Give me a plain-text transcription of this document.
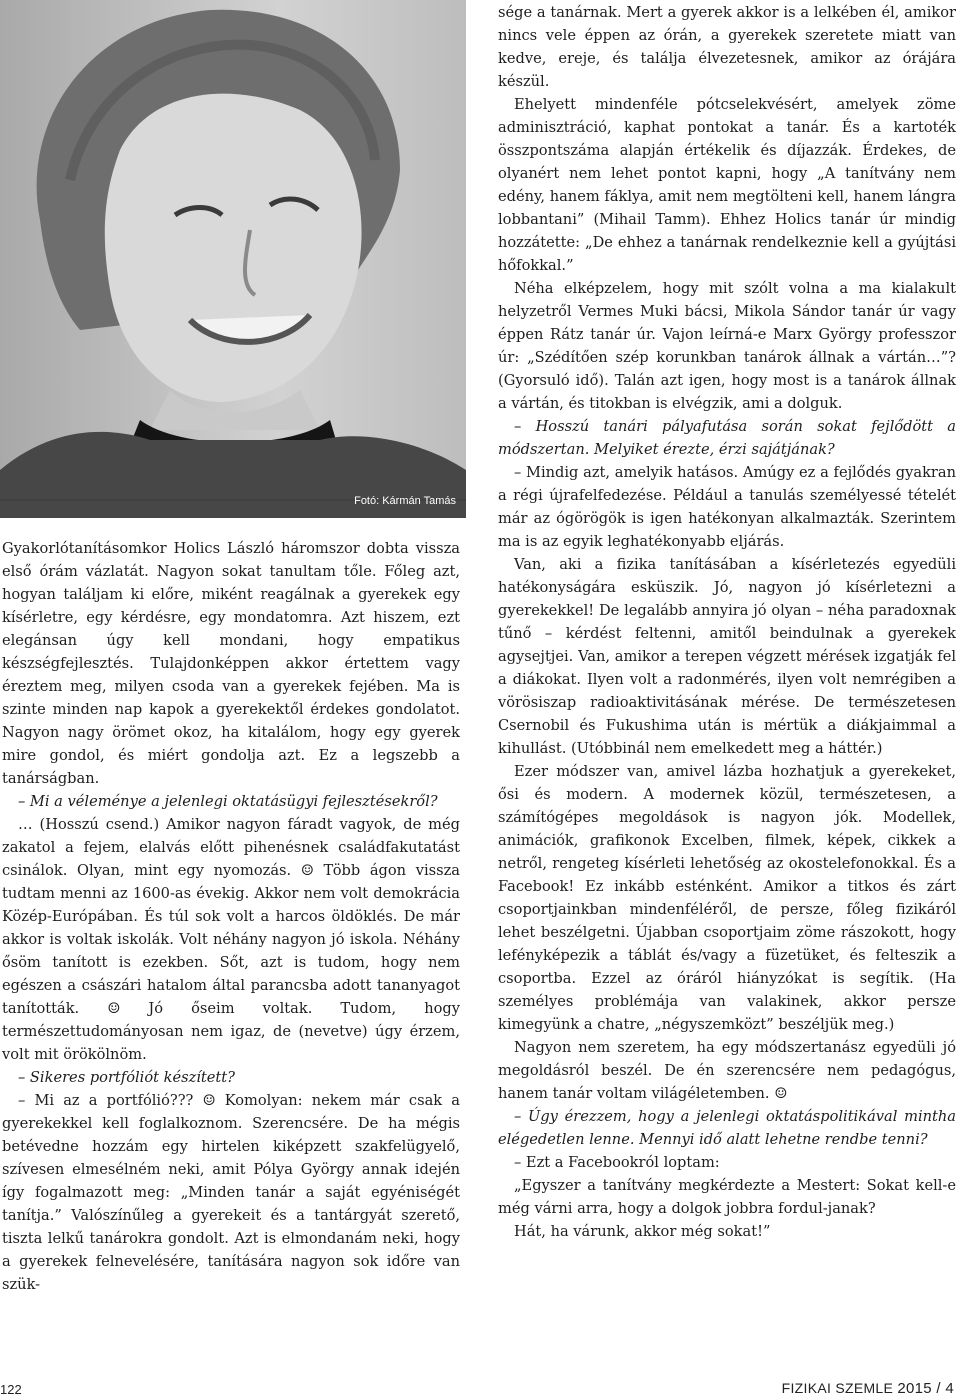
Fotó: Kármán Tamás

Gyakorlótanításomkor Holics László háromszor dobta vissza első órám vázlatát. Nagyon sokat tanultam tőle. Főleg azt, hogyan találjam ki előre, miként reagálnak a gyerekek egy kísérletre, egy kérdésre, egy mondatomra. Azt hiszem, ezt elegánsan úgy kell mondani, hogy empatikus készségfejlesztés. Tulajdonképpen akkor értettem vagy éreztem meg, milyen csoda van a gyerekek fejében. Ma is szinte minden nap kapok a gyerekektől érdekes gondolatot. Nagyon nagy örömet okoz, ha kitalálom, hogy egy gyerek mire gondol, és miért gondolja azt. Ez a legszebb a tanárságban.

– Mi a véleménye a jelenlegi oktatásügyi fejlesztésekről?

… (Hosszú csend.) Amikor nagyon fáradt vagyok, de még zakatol a fejem, elalvás előtt pihenésnek családfakutatást csinálok. Olyan, mint egy nyomozás. ☺ Több ágon vissza tudtam menni az 1600-as évekig. Akkor nem volt demokrácia Közép-Európában. És túl sok volt a harcos öldöklés. De már akkor is voltak iskolák. Volt néhány nagyon jó iskola. Néhány ősöm tanított is ezekben. Sőt, azt is tudom, hogy nem egészen a császári hatalom által parancsba adott tananyagot tanították. ☺ Jó őseim voltak. Tudom, hogy természettudományosan nem igaz, de (nevetve) úgy érzem, volt mit örökölnöm.

– Sikeres portfóliót készített?

– Mi az a portfólió??? ☺ Komolyan: nekem már csak a gyerekekkel kell foglalkoznom. Szerencsére. De ha mégis betévedne hozzám egy hirtelen kiképzett szakfelügyelő, szívesen elmesélném neki, amit Pólya György annak idején így fogalmazott meg: „Minden tanár a saját egyéniségét tanítja.” Valószínűleg a gyerekeit és a tantárgyát szerető, tiszta lelkű tanárokra gondolt. Azt is elmondanám neki, hogy a gyerekek felnevelésére, tanítására nagyon sok időre van szük-

sége a tanárnak. Mert a gyerek akkor is a lelkében él, amikor nincs vele éppen az órán, a gyerekek szeretete miatt van kedve, ereje, és találja élvezetesnek, amikor az órájára készül.

Ehelyett mindenféle pótcselekvésért, amelyek zöme adminisztráció, kaphat pontokat a tanár. És a kartoték összpontszáma alapján értékelik és díjazzák. Érdekes, de olyanért nem lehet pontot kapni, hogy „A tanítvány nem edény, hanem fáklya, amit nem megtölteni kell, hanem lángra lobbantani” (Mihail Tamm). Ehhez Holics tanár úr mindig hozzátette: „De ehhez a tanárnak rendelkeznie kell a gyújtási hőfokkal.”

Néha elképzelem, hogy mit szólt volna a ma kialakult helyzetről Vermes Muki bácsi, Mikola Sándor tanár úr vagy éppen Rátz tanár úr. Vajon leírná-e Marx György professzor úr: „Szédítően szép korunkban tanárok állnak a vártán…”? (Gyorsuló idő). Talán azt igen, hogy most is a tanárok állnak a vártán, és titokban is elvégzik, ami a dolguk.

– Hosszú tanári pályafutása során sokat fejlődött a módszertan. Melyiket érezte, érzi sajátjának?

– Mindig azt, amelyik hatásos. Amúgy ez a fejlődés gyakran a régi újrafelfedezése. Például a tanulás személyessé tételét már az ógörögök is igen hatékonyan alkalmazták. Szerintem ma is az egyik leghatékonyabb eljárás.

Van, aki a fizika tanításában a kísérletezés egyedüli hatékonyságára esküszik. Jó, nagyon jó kísérletezni a gyerekekkel! De legalább annyira jó olyan – néha paradoxnak tűnő – kérdést feltenni, amitől beindulnak a gyerekek agysejtjei. Van, amikor a terepen végzett mérések izgatják fel a diákokat. Ilyen volt a radonmérés, ilyen volt nemrégiben a vörösiszap radioaktivitásának mérése. De természetesen Csernobil és Fukushima után is mértük a diákjaimmal a kihullást. (Utóbbinál nem emelkedett meg a háttér.)

Ezer módszer van, amivel lázba hozhatjuk a gyerekeket, ősi és modern. A modernek közül, természetesen, a számítógépes megoldások is nagyon jók. Modellek, animációk, grafikonok Excelben, filmek, képek, cikkek a netről, rengeteg kísérleti lehetőség az okostelefonokkal. És a Facebook! Ez inkább esténként. Amikor a titkos és zárt csoportjainkban mindenféléről, de persze, főleg fizikáról lehet beszélgetni. Újabban csoportjaim zöme rászokott, hogy lefényképezik a táblát és/vagy a füzetüket, és felteszik a csoportba. Ezzel az óráról hiányzókat is segítik. (Ha személyes problémája van valakinek, akkor persze kimegyünk a chatre, „négyszemközt” beszéljük meg.)

Nagyon nem szeretem, ha egy módszertanász egyedüli jó megoldásról beszél. De én szerencsére nem pedagógus, hanem tanár voltam világéletemben. ☺

– Úgy érezzem, hogy a jelenlegi oktatáspolitikával mintha elégedetlen lenne. Mennyi idő alatt lehetne rendbe tenni?

– Ezt a Facebookról loptam:

„Egyszer a tanítvány megkérdezte a Mestert: Sokat kell-e még várni arra, hogy a dolgok jobbra fordul-janak?

Hát, ha várunk, akkor még sokat!”

122	FIZIKAI SZEMLE 2015 / 4
